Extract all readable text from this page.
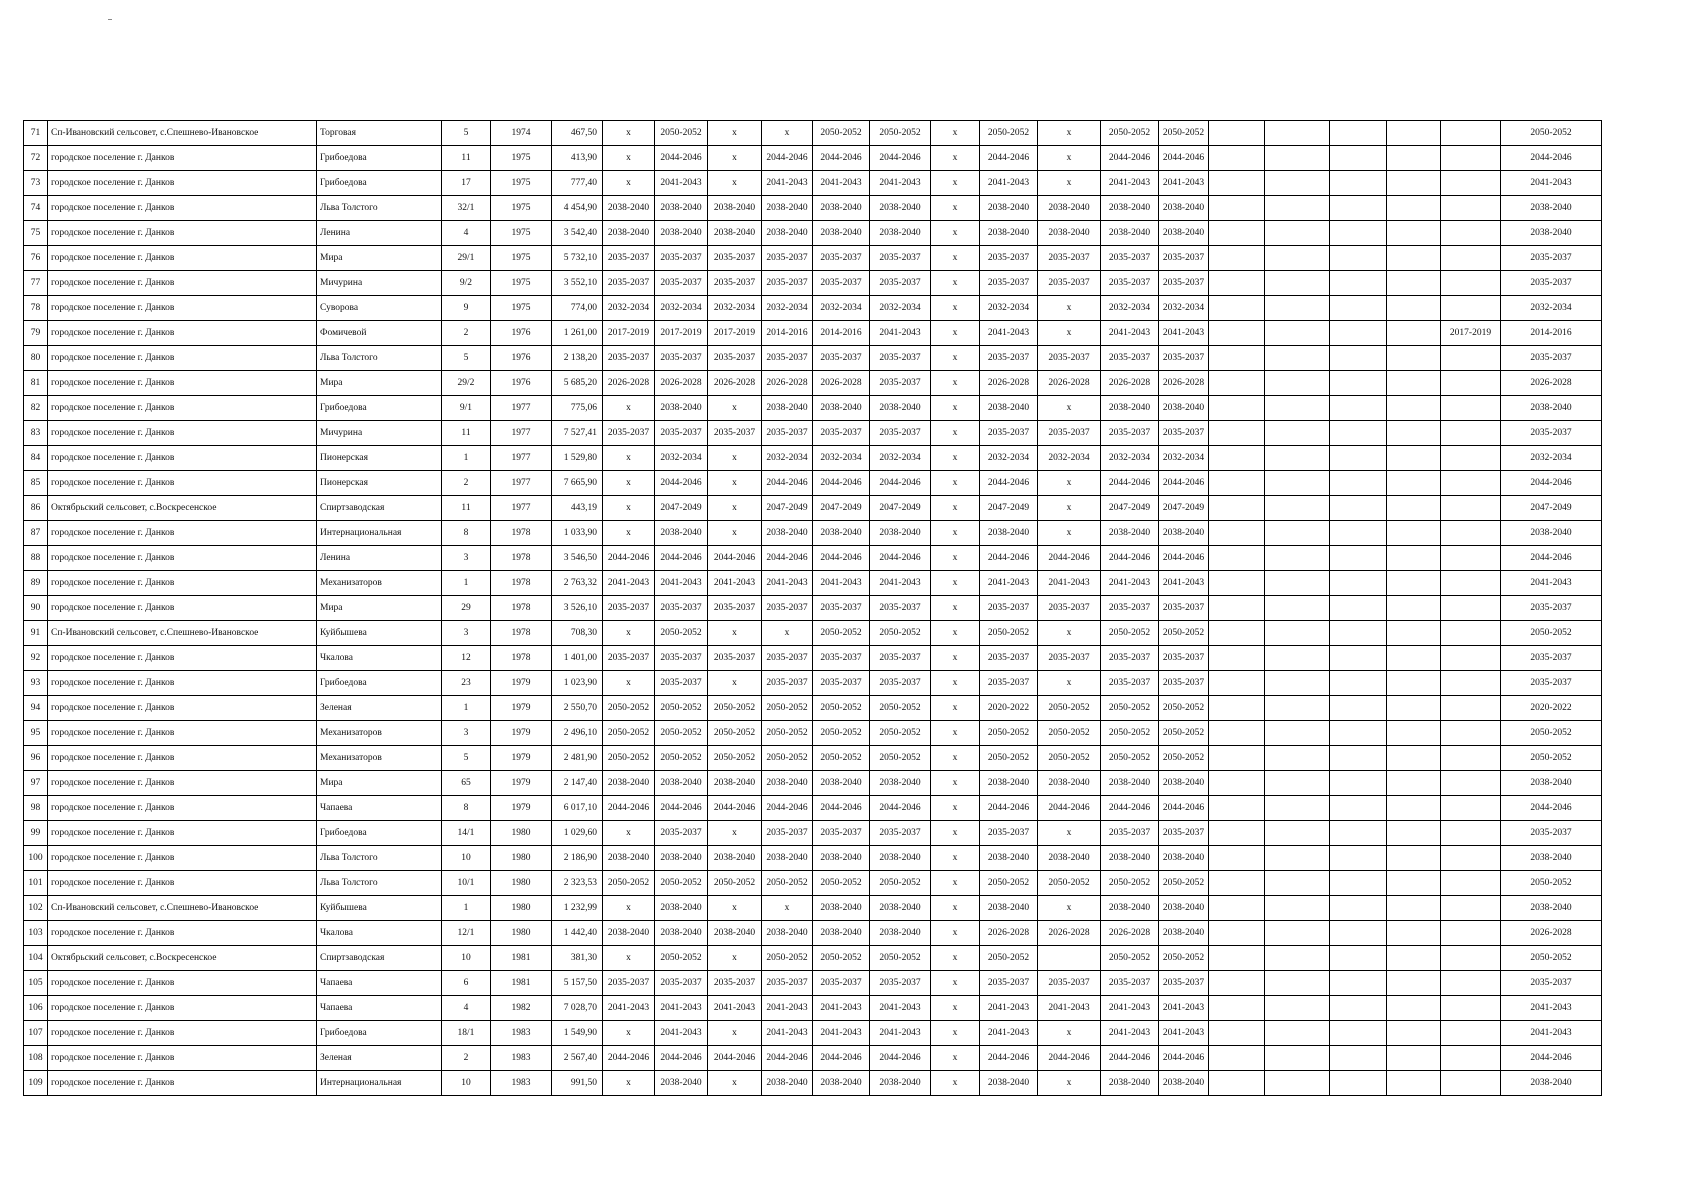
71	Сп-Ивановский сельсовет, с.Спешнево-Ивановское	Торговая	5	1974	467,50	x	2050-2052	x	x	2050-2052	2050-2052	x	2050-2052	x	2050-2052	2050-2052						2050-2052
72	городское поселение г. Данков	Грибоедова	11	1975	413,90	x	2044-2046	x	2044-2046	2044-2046	2044-2046	x	2044-2046	x	2044-2046	2044-2046						2044-2046
73	городское поселение г. Данков	Грибоедова	17	1975	777,40	x	2041-2043	x	2041-2043	2041-2043	2041-2043	x	2041-2043	x	2041-2043	2041-2043						2041-2043
74	городское поселение г. Данков	Льва Толстого	32/1	1975	4 454,90	2038-2040	2038-2040	2038-2040	2038-2040	2038-2040	2038-2040	x	2038-2040	2038-2040	2038-2040	2038-2040						2038-2040
75	городское поселение г. Данков	Ленина	4	1975	3 542,40	2038-2040	2038-2040	2038-2040	2038-2040	2038-2040	2038-2040	x	2038-2040	2038-2040	2038-2040	2038-2040						2038-2040
76	городское поселение г. Данков	Мира	29/1	1975	5 732,10	2035-2037	2035-2037	2035-2037	2035-2037	2035-2037	2035-2037	x	2035-2037	2035-2037	2035-2037	2035-2037						2035-2037
77	городское поселение г. Данков	Мичурина	9/2	1975	3 552,10	2035-2037	2035-2037	2035-2037	2035-2037	2035-2037	2035-2037	x	2035-2037	2035-2037	2035-2037	2035-2037						2035-2037
78	городское поселение г. Данков	Суворова	9	1975	774,00	2032-2034	2032-2034	2032-2034	2032-2034	2032-2034	2032-2034	x	2032-2034	x	2032-2034	2032-2034						2032-2034
79	городское поселение г. Данков	Фомичевой	2	1976	1 261,00	2017-2019	2017-2019	2017-2019	2014-2016	2014-2016	2041-2043	x	2041-2043	x	2041-2043	2041-2043					2017-2019	2014-2016
80	городское поселение г. Данков	Льва Толстого	5	1976	2 138,20	2035-2037	2035-2037	2035-2037	2035-2037	2035-2037	2035-2037	x	2035-2037	2035-2037	2035-2037	2035-2037						2035-2037
81	городское поселение г. Данков	Мира	29/2	1976	5 685,20	2026-2028	2026-2028	2026-2028	2026-2028	2026-2028	2035-2037	x	2026-2028	2026-2028	2026-2028	2026-2028						2026-2028
82	городское поселение г. Данков	Грибоедова	9/1	1977	775,06	x	2038-2040	x	2038-2040	2038-2040	2038-2040	x	2038-2040	x	2038-2040	2038-2040						2038-2040
83	городское поселение г. Данков	Мичурина	11	1977	7 527,41	2035-2037	2035-2037	2035-2037	2035-2037	2035-2037	2035-2037	x	2035-2037	2035-2037	2035-2037	2035-2037						2035-2037
84	городское поселение г. Данков	Пионерская	1	1977	1 529,80	x	2032-2034	x	2032-2034	2032-2034	2032-2034	x	2032-2034	2032-2034	2032-2034	2032-2034						2032-2034
85	городское поселение г. Данков	Пионерская	2	1977	7 665,90	x	2044-2046	x	2044-2046	2044-2046	2044-2046	x	2044-2046	x	2044-2046	2044-2046						2044-2046
86	Октябрьский сельсовет, с.Воскресенское	Спиртзаводская	11	1977	443,19	x	2047-2049	x	2047-2049	2047-2049	2047-2049	x	2047-2049	x	2047-2049	2047-2049						2047-2049
87	городское поселение г. Данков	Интернациональная	8	1978	1 033,90	x	2038-2040	x	2038-2040	2038-2040	2038-2040	x	2038-2040	x	2038-2040	2038-2040						2038-2040
88	городское поселение г. Данков	Ленина	3	1978	3 546,50	2044-2046	2044-2046	2044-2046	2044-2046	2044-2046	2044-2046	x	2044-2046	2044-2046	2044-2046	2044-2046						2044-2046
89	городское поселение г. Данков	Механизаторов	1	1978	2 763,32	2041-2043	2041-2043	2041-2043	2041-2043	2041-2043	2041-2043	x	2041-2043	2041-2043	2041-2043	2041-2043						2041-2043
90	городское поселение г. Данков	Мира	29	1978	3 526,10	2035-2037	2035-2037	2035-2037	2035-2037	2035-2037	2035-2037	x	2035-2037	2035-2037	2035-2037	2035-2037						2035-2037
91	Сп-Ивановский сельсовет, с.Спешнево-Ивановское	Куйбышева	3	1978	708,30	x	2050-2052	x	x	2050-2052	2050-2052	x	2050-2052	x	2050-2052	2050-2052						2050-2052
92	городское поселение г. Данков	Чкалова	12	1978	1 401,00	2035-2037	2035-2037	2035-2037	2035-2037	2035-2037	2035-2037	x	2035-2037	2035-2037	2035-2037	2035-2037						2035-2037
93	городское поселение г. Данков	Грибоедова	23	1979	1 023,90	x	2035-2037	x	2035-2037	2035-2037	2035-2037	x	2035-2037	x	2035-2037	2035-2037						2035-2037
94	городское поселение г. Данков	Зеленая	1	1979	2 550,70	2050-2052	2050-2052	2050-2052	2050-2052	2050-2052	2050-2052	x	2020-2022	2050-2052	2050-2052	2050-2052						2020-2022
95	городское поселение г. Данков	Механизаторов	3	1979	2 496,10	2050-2052	2050-2052	2050-2052	2050-2052	2050-2052	2050-2052	x	2050-2052	2050-2052	2050-2052	2050-2052						2050-2052
96	городское поселение г. Данков	Механизаторов	5	1979	2 481,90	2050-2052	2050-2052	2050-2052	2050-2052	2050-2052	2050-2052	x	2050-2052	2050-2052	2050-2052	2050-2052						2050-2052
97	городское поселение г. Данков	Мира	65	1979	2 147,40	2038-2040	2038-2040	2038-2040	2038-2040	2038-2040	2038-2040	x	2038-2040	2038-2040	2038-2040	2038-2040						2038-2040
98	городское поселение г. Данков	Чапаева	8	1979	6 017,10	2044-2046	2044-2046	2044-2046	2044-2046	2044-2046	2044-2046	x	2044-2046	2044-2046	2044-2046	2044-2046						2044-2046
99	городское поселение г. Данков	Грибоедова	14/1	1980	1 029,60	x	2035-2037	x	2035-2037	2035-2037	2035-2037	x	2035-2037	x	2035-2037	2035-2037						2035-2037
100	городское поселение г. Данков	Льва Толстого	10	1980	2 186,90	2038-2040	2038-2040	2038-2040	2038-2040	2038-2040	2038-2040	x	2038-2040	2038-2040	2038-2040	2038-2040						2038-2040
101	городское поселение г. Данков	Льва Толстого	10/1	1980	2 323,53	2050-2052	2050-2052	2050-2052	2050-2052	2050-2052	2050-2052	x	2050-2052	2050-2052	2050-2052	2050-2052						2050-2052
102	Сп-Ивановский сельсовет, с.Спешнево-Ивановское	Куйбышева	1	1980	1 232,99	x	2038-2040	x	x	2038-2040	2038-2040	x	2038-2040	x	2038-2040	2038-2040						2038-2040
103	городское поселение г. Данков	Чкалова	12/1	1980	1 442,40	2038-2040	2038-2040	2038-2040	2038-2040	2038-2040	2038-2040	x	2026-2028	2026-2028	2026-2028	2038-2040						2026-2028
104	Октябрьский сельсовет, с.Воскресенское	Спиртзаводская	10	1981	381,30	x	2050-2052	x	2050-2052	2050-2052	2050-2052	x	2050-2052		2050-2052	2050-2052						2050-2052
105	городское поселение г. Данков	Чапаева	6	1981	5 157,50	2035-2037	2035-2037	2035-2037	2035-2037	2035-2037	2035-2037	x	2035-2037	2035-2037	2035-2037	2035-2037						2035-2037
106	городское поселение г. Данков	Чапаева	4	1982	7 028,70	2041-2043	2041-2043	2041-2043	2041-2043	2041-2043	2041-2043	x	2041-2043	2041-2043	2041-2043	2041-2043						2041-2043
107	городское поселение г. Данков	Грибоедова	18/1	1983	1 549,90	x	2041-2043	x	2041-2043	2041-2043	2041-2043	x	2041-2043	x	2041-2043	2041-2043						2041-2043
108	городское поселение г. Данков	Зеленая	2	1983	2 567,40	2044-2046	2044-2046	2044-2046	2044-2046	2044-2046	2044-2046	x	2044-2046	2044-2046	2044-2046	2044-2046						2044-2046
109	городское поселение г. Данков	Интернациональная	10	1983	991,50	x	2038-2040	x	2038-2040	2038-2040	2038-2040	x	2038-2040	x	2038-2040	2038-2040						2038-2040
